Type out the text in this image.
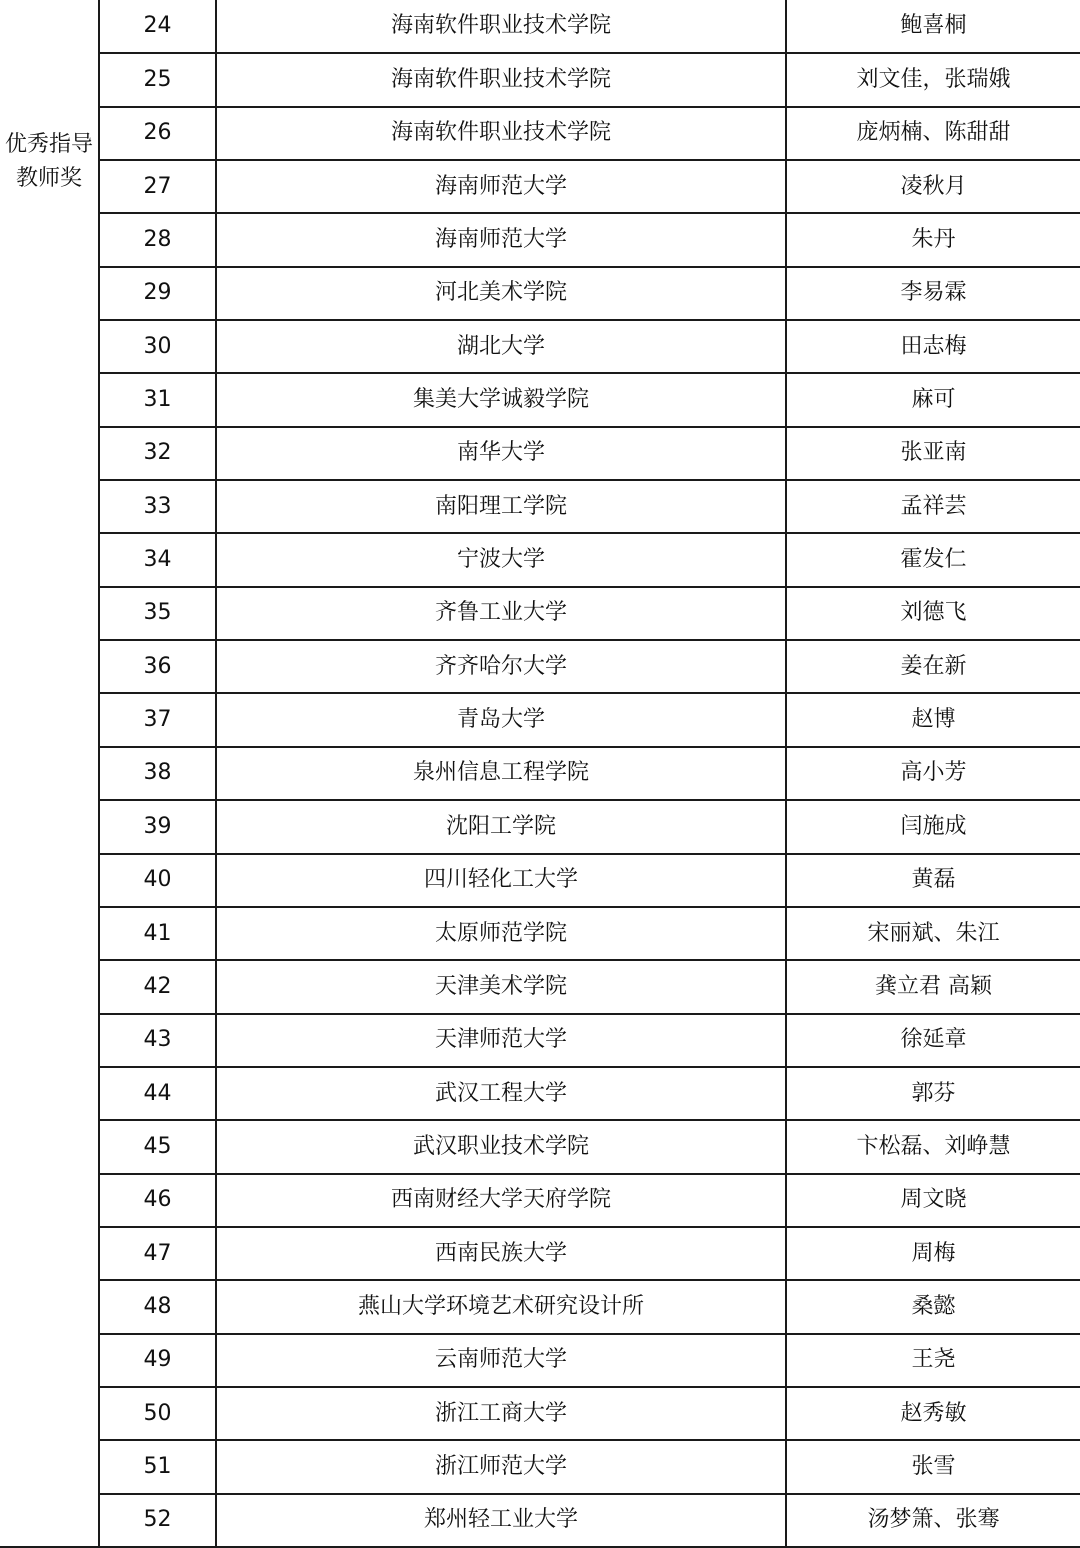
优秀指导教师奖	24	海南软件职业技术学院	鲍喜桐
	25	海南软件职业技术学院	刘文佳，张瑞娥
	26	海南软件职业技术学院	庞炳楠、陈甜甜
	27	海南师范大学	凌秋月
	28	海南师范大学	朱丹
	29	河北美术学院	李易霖
	30	湖北大学	田志梅
	31	集美大学诚毅学院	麻可
	32	南华大学	张亚南
	33	南阳理工学院	孟祥芸
	34	宁波大学	霍发仁
	35	齐鲁工业大学	刘德飞
	36	齐齐哈尔大学	姜在新
	37	青岛大学	赵博
	38	泉州信息工程学院	高小芳
	39	沈阳工学院	闫施成
	40	四川轻化工大学	黄磊
	41	太原师范学院	宋丽斌、朱江
	42	天津美术学院	龚立君 高颖
	43	天津师范大学	徐延章
	44	武汉工程大学	郭芬
	45	武汉职业技术学院	卞松磊、刘峥慧
	46	西南财经大学天府学院	周文晓
	47	西南民族大学	周梅
	48	燕山大学环境艺术研究设计所	桑懿
	49	云南师范大学	王尧
	50	浙江工商大学	赵秀敏
	51	浙江师范大学	张雪
	52	郑州轻工业大学	汤梦箫、张骞
